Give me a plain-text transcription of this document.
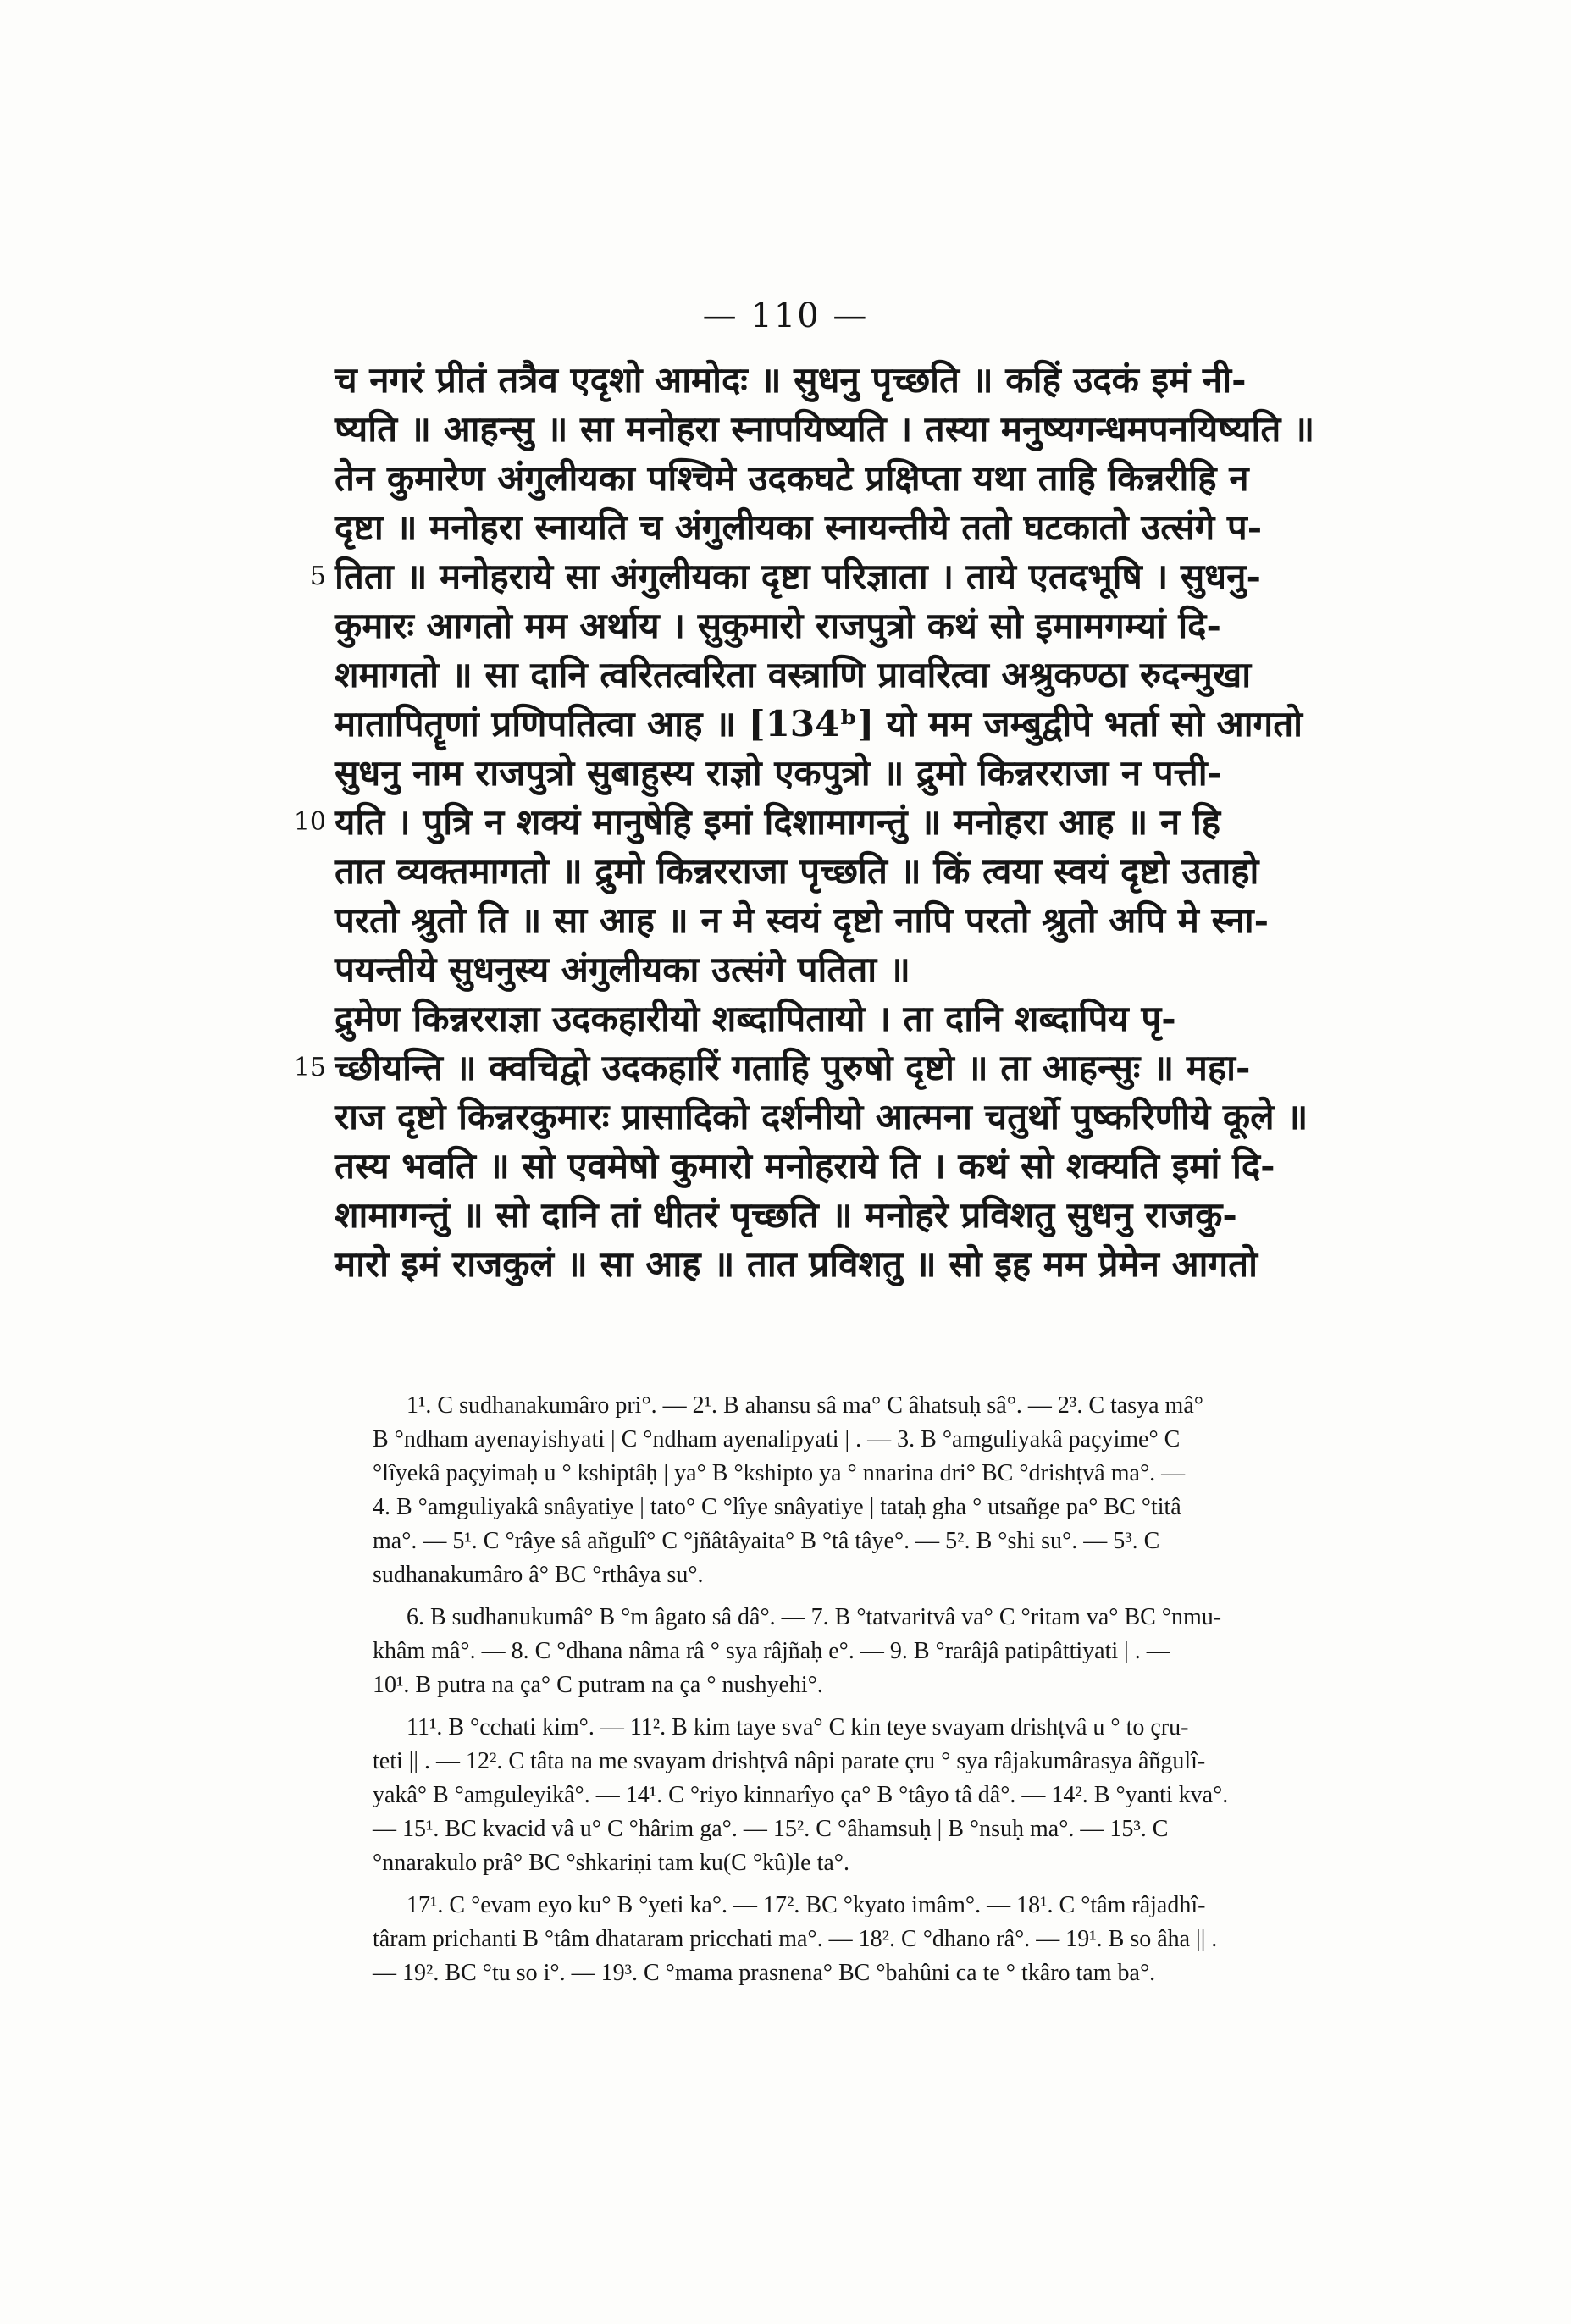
— 110 —
च नगरं प्रीतं तत्रैव एदृशो आमोदः ॥ सुधनु पृच्छति ॥ कहिं उदकं इमं नी-
ष्यति ॥ आहन्सु ॥ सा मनोहरा स्नापयिष्यति । तस्या मनुष्यगन्धमपनयिष्यति ॥
तेन कुमारेण अंगुलीयका पश्चिमे उदकघटे प्रक्षिप्ता यथा ताहि किन्नरीहि न
दृष्टा ॥ मनोहरा स्नायति च अंगुलीयका स्नायन्तीये ततो घटकातो उत्संगे प-
5 तिता ॥ मनोहराये सा अंगुलीयका दृष्टा परिज्ञाता । ताये एतदभूषि । सुधनु-
कुमारः आगतो मम अर्थाय । सुकुमारो राजपुत्रो कथं सो इमामगम्यां दि-
शमागतो ॥ सा दानि त्वरितत्वरिता वस्त्राणि प्रावरित्वा अश्रुकण्ठा रुदन्मुखा
मातापितॄणां प्रणिपतित्वा आह ॥ [134ᵇ] यो मम जम्बुद्वीपे भर्ता सो आगतो
सुधनु नाम राजपुत्रो सुबाहुस्य राज्ञो एकपुत्रो ॥ द्रुमो किन्नरराजा न पत्ती-
10 यति । पुत्रि न शक्यं मानुषेहि इमां दिशामागन्तुं ॥ मनोहरा आह ॥ न हि
तात व्यक्तमागतो ॥ द्रुमो किन्नरराजा पृच्छति ॥ किं त्वया स्वयं दृष्टो उताहो
परतो श्रुतो ति ॥ सा आह ॥ न मे स्वयं दृष्टो नापि परतो श्रुतो अपि मे स्ना-
पयन्तीये सुधनुस्य अंगुलीयका उत्संगे पतिता ॥
द्रुमेण किन्नरराज्ञा उदकहारीयो शब्दापितायो । ता दानि शब्दापिय पृ-
15 च्छीयन्ति ॥ क्वचिद्वो उदकहारिं गताहि पुरुषो दृष्टो ॥ ता आहन्सुः ॥ महा-
राज दृष्टो किन्नरकुमारः प्रासादिको दर्शनीयो आत्मना चतुर्थो पुष्करिणीये कूले ॥
तस्य भवति ॥ सो एवमेषो कुमारो मनोहराये ति । कथं सो शक्यति इमां दि-
शामागन्तुं ॥ सो दानि तां धीतरं पृच्छति ॥ मनोहरे प्रविशतु सुधनु राजकु-
मारो इमं राजकुलं ॥ सा आह ॥ तात प्रविशतु ॥ सो इह मम प्रेमेन आगतो
1¹. C sudhanakumâro pri°. — 2¹. B ahansu sâ ma° C âhatsuḥ sâ°. — 2³. C tasya mâ°
B °ndham ayenayishyati | C °ndham ayenalipyati | . — 3. B °amguliyakâ paçyime° C
°lîyekâ paçyimaḥ u ° kshiptâḥ | ya° B °kshipto ya ° nnarina dri° BC °drishṭvâ ma°. —
4. B °amguliyakâ snâyatiye | tato° C °lîye snâyatiye | tataḥ gha ° utsañge pa° BC °titâ
ma°. — 5¹. C °râye sâ añgulî° C °jñâtâyaita° B °tâ tâye°. — 5². B °shi su°. — 5³. C
sudhanakumâro â° BC °rthâya su°.
6. B sudhanukumâ° B °m âgato sâ dâ°. — 7. B °tatvaritvâ va° C °ritam va° BC °nmu-
khâm mâ°. — 8. C °dhana nâma râ ° sya râjñaḥ e°. — 9. B °rarâjâ patipâttiyati | . —
10¹. B putra na ça° C putram na ça ° nushyehi°.
11¹. B °cchati kim°. — 11². B kim taye sva° C kin teye svayam drishṭvâ u ° to çru-
teti || . — 12². C tâta na me svayam drishṭvâ nâpi parate çru ° sya râjakumârasya âñgulî-
yakâ° B °amguleyikâ°. — 14¹. C °riyo kinnarîyo ça° B °tâyo tâ dâ°. — 14². B °yanti kva°.
— 15¹. BC kvacid vâ u° C °hârim ga°. — 15². C °âhamsuḥ | B °nsuḥ ma°. — 15³. C
°nnarakulo prâ° BC °shkariṇi tam ku(C °kû)le ta°.
17¹. C °evam eyo ku° B °yeti ka°. — 17². BC °kyato imâm°. — 18¹. C °tâm râjadhî-
târam prichanti B °tâm dhataram pricchati ma°. — 18². C °dhano râ°. — 19¹. B so âha || .
— 19². BC °tu so i°. — 19³. C °mama prasnena° BC °bahûni ca te ° tkâro tam ba°.
